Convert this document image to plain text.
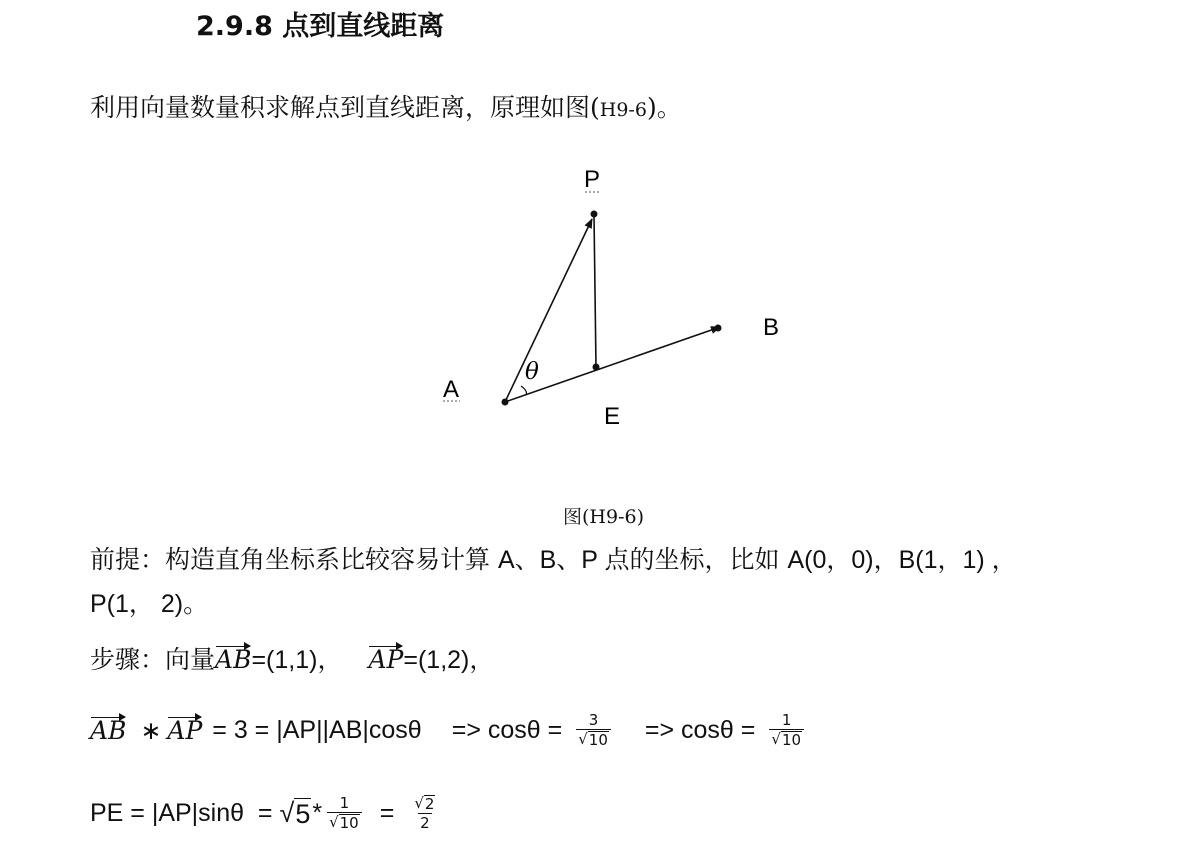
2.9.8 点到直线距离
利用向量数量积求解点到直线距离，原理如图(H9-6)。
P
A
B
E
θ
图(H9-6)
前提：构造直角坐标系比较容易计算 A、B、P 点的坐标，比如 A(0，0)，B(1，1) ，
P(1， 2)。
步骤：向量AB=(1,1)， AP=(1,2)，
AB ∗ AP = $3 = |AP||AB|\cos\theta => \cos\theta = \frac{3}{√ 10} => \cos\theta = \frac{1}{√ 10}$
PE = |AP|sinθ  = √ $5 * \frac{1}{√ 10} = \frac{√ 2}{2}$
